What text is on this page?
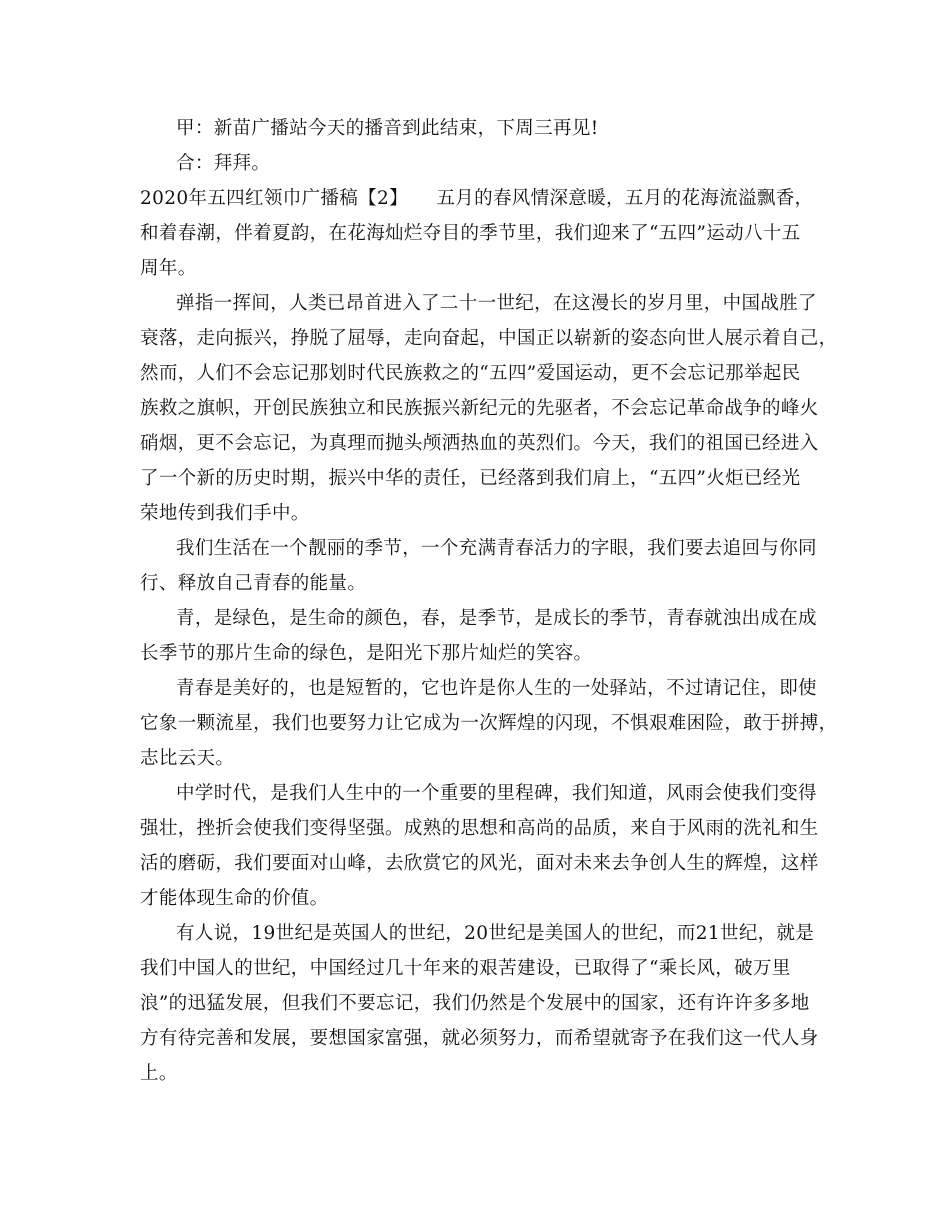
甲：新苗广播站今天的播音到此结束，下周三再见!
合：拜拜。
2020年五四红领巾广播稿【2】　　五月的春风情深意暖，五月的花海流溢飘香，
和着春潮，伴着夏韵，在花海灿烂夺目的季节里，我们迎来了“五四”运动八十五
周年。
弹指一挥间，人类已昂首进入了二十一世纪，在这漫长的岁月里，中国战胜了
衰落，走向振兴，挣脱了屈辱，走向奋起，中国正以崭新的姿态向世人展示着自己，
然而，人们不会忘记那划时代民族救之的“五四”爱国运动，更不会忘记那举起民
族救之旗帜，开创民族独立和民族振兴新纪元的先驱者，不会忘记革命战争的峰火
硝烟，更不会忘记，为真理而抛头颅洒热血的英烈们。今天，我们的祖国已经进入
了一个新的历史时期，振兴中华的责任，已经落到我们肩上，“五四”火炬已经光
荣地传到我们手中。
我们生活在一个靓丽的季节，一个充满青春活力的字眼，我们要去追回与你同
行、释放自己青春的能量。
青，是绿色，是生命的颜色，春，是季节，是成长的季节，青春就浊出成在成
长季节的那片生命的绿色，是阳光下那片灿烂的笑容。
青春是美好的，也是短暂的，它也许是你人生的一处驿站，不过请记住，即使
它象一颗流星，我们也要努力让它成为一次辉煌的闪现，不惧艰难困险，敢于拼搏，
志比云天。
中学时代，是我们人生中的一个重要的里程碑，我们知道，风雨会使我们变得
强壮，挫折会使我们变得坚强。成熟的思想和高尚的品质，来自于风雨的洗礼和生
活的磨砺，我们要面对山峰，去欣赏它的风光，面对未来去争创人生的辉煌，这样
才能体现生命的价值。
有人说，19世纪是英国人的世纪，20世纪是美国人的世纪，而21世纪，就是
我们中国人的世纪，中国经过几十年来的艰苦建设，已取得了“乘长风，破万里
浪”的迅猛发展，但我们不要忘记，我们仍然是个发展中的国家，还有许许多多地
方有待完善和发展，要想国家富强，就必须努力，而希望就寄予在我们这一代人身
上。
